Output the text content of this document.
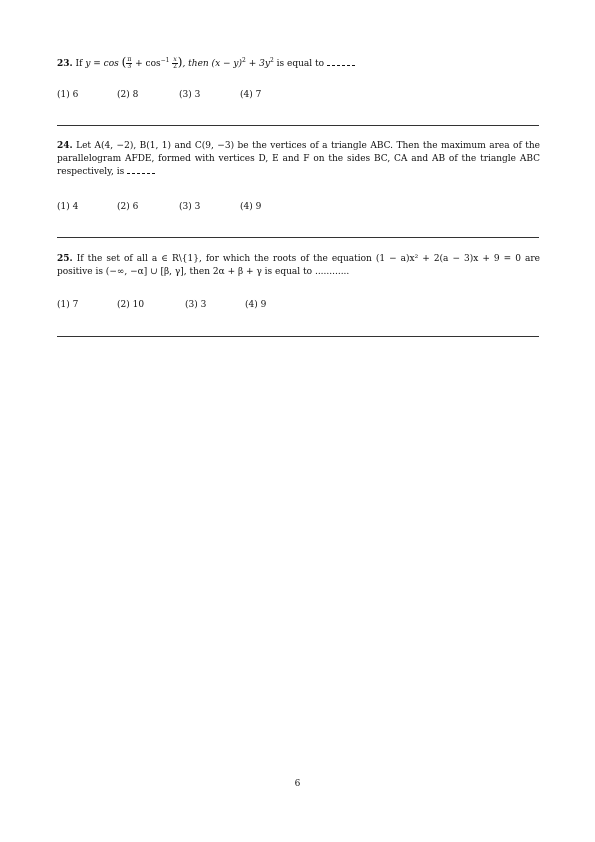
23. If y = cos ( $\frac{\pi}{3} + \cos^{-1} \frac{x}{2}$ ), then $(x - y)^2 + 3y^2$ is equal to
(1) 6	(2) 8	(3) 3	(4) 7
24. Let A(4, −2), B(1, 1) and C(9, −3) be the vertices of a triangle ABC. Then the maximum area of the parallelogram AFDE, formed with vertices D, E and F on the sides BC, CA and AB of the triangle ABC respectively, is
(1) 4	(2) 6	(3) 3	(4) 9
25. If the set of all a ∈ R\{1}, for which the roots of the equation (1 − a)x² + 2(a − 3)x + 9 = 0 are positive is (−∞, −α] ∪ [β, γ], then 2α + β + γ is equal to ............
(1) 7	(2) 10	(3) 3	(4) 9
6
